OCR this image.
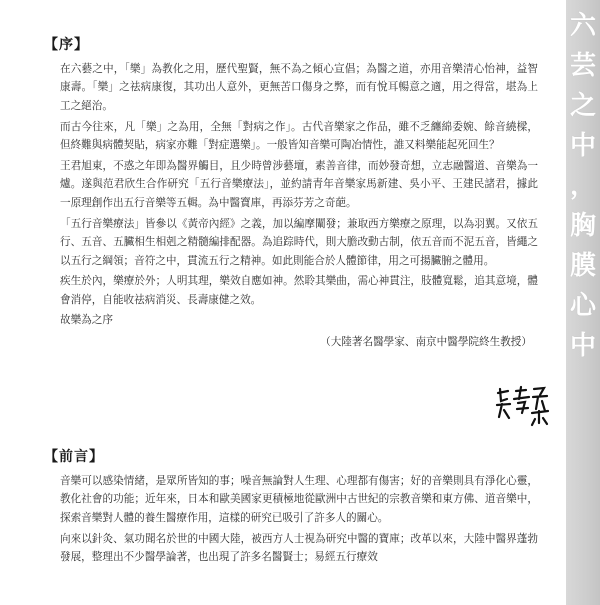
六
芸
之
中
，
胸
膜
心
中
【序】

在六藝之中，「樂」為教化之用，歷代聖賢，無不為之傾心宣倡；為醫之道，亦用音樂清心怡神，益智康壽。「樂」之祛病康復，其功出人意外，更無苦口傷身之弊，而有悅耳暢意之適，用之得當，堪為上工之絕治。

而古今往來，凡「樂」之為用，全無「對病之作」。古代音樂家之作品，雖不乏纏綿委婉、餘音繞樑，但終難與病體契貼，病家亦難「對症選樂」。一般皆知音樂可陶冶情性，誰又料樂能起死回生？

王君旭東，不惑之年即為醫界觸目，且少時曾涉藝壇，素善音律，而妙發奇想，立志融醫道、音樂為一爐。遂與范君欣生合作研究「五行音樂療法」，並約請青年音樂家馬新建、吳小平、王建民諸君，據此一原理創作出五行音樂等五輯。為中醫寶庫，再添芬芳之奇葩。

「五行音樂療法」皆參以《黃帝內經》之義，加以編摩闡發；兼取西方樂療之原理，以為羽翼。又依五行、五音、五臟相生相剋之精髓編排配器。為追踪時代，則大膽改動古制，依五音而不泥五音，皆繩之以五行之綱領；音符之中，貫流五行之精神。如此則能合於人體節律，用之可揚臟腑之體用。

疾生於內，樂療於外；人明其理，樂效自應如神。然聆其樂曲，需心神貫注，肢體寬鬆，追其意境，體會消停，自能收祛病消災、長壽康健之效。

故樂為之序

（大陸著名醫學家、南京中醫學院終生教授）

【前言】

音樂可以感染情緒，是眾所皆知的事；噪音無論對人生理、心理都有傷害；好的音樂則具有淨化心靈，教化社會的功能；近年來，日本和歐美國家更積極地從歐洲中古世紀的宗教音樂和東方佛、道音樂中，探索音樂對人體的養生醫療作用，這樣的研究已吸引了許多人的關心。

向來以針灸、氣功聞名於世的中國大陸，被西方人士視為研究中醫的寶庫；改革以來，大陸中醫界蓬勃發展，整理出不少醫學論著，也出現了許多名醫賢士；易經五行療效
